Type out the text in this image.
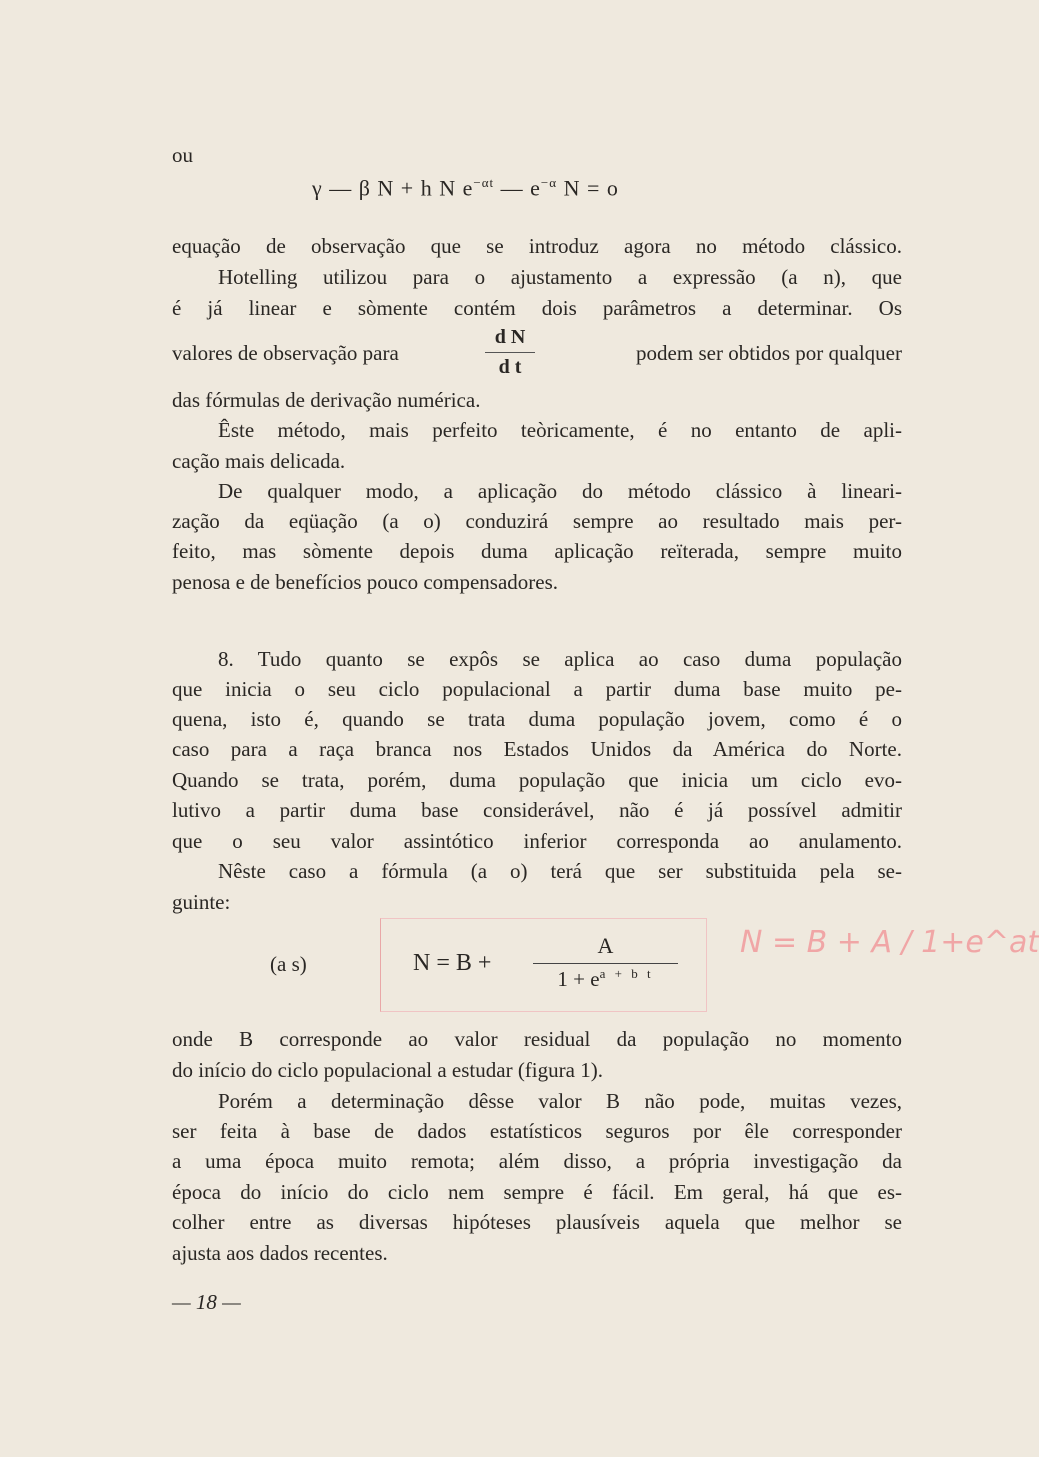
ou
γ — β N + h N $e^{-\alpha t}$ — $e^{-\alpha}$ N = o
equação de observação que se introduz agora no método clássico.
Hotelling utilizou para o ajustamento a expressão (a n), que
é já linear e sòmente contém dois parâmetros a determinar. Os
valores de observação para
d N
d t
podem ser obtidos por qualquer
das fórmulas de derivação numérica.
Êste método, mais perfeito teòricamente, é no entanto de apli-
cação mais delicada.
De qualquer modo, a aplicação do método clássico à lineari-
zação da eqüação (a o) conduzirá sempre ao resultado mais per-
feito, mas sòmente depois duma aplicação reïterada, sempre muito
penosa e de benefícios pouco compensadores.
8. Tudo quanto se expôs se aplica ao caso duma população
que inicia o seu ciclo populacional a partir duma base muito pe-
quena, isto é, quando se trata duma população jovem, como é o
caso para a raça branca nos Estados Unidos da América do Norte.
Quando se trata, porém, duma população que inicia um ciclo evo-
lutivo a partir duma base considerável, não é já possível admitir
que o seu valor assintótico inferior corresponda ao anulamento.
Nêste caso a fórmula (a o) terá que ser substituida pela se-
guinte:
(a s)	N = B +
A
$1 + e^{a + b t}$
N = B + A / 1+e^at
onde B corresponde ao valor residual da população no momento
do início do ciclo populacional a estudar (figura 1).
Porém a determinação dêsse valor B não pode, muitas vezes,
ser feita à base de dados estatísticos seguros por êle corresponder
a uma época muito remota; além disso, a própria investigação da
época do início do ciclo nem sempre é fácil. Em geral, há que es-
colher entre as diversas hipóteses plausíveis aquela que melhor se
ajusta aos dados recentes.
— 18 —
